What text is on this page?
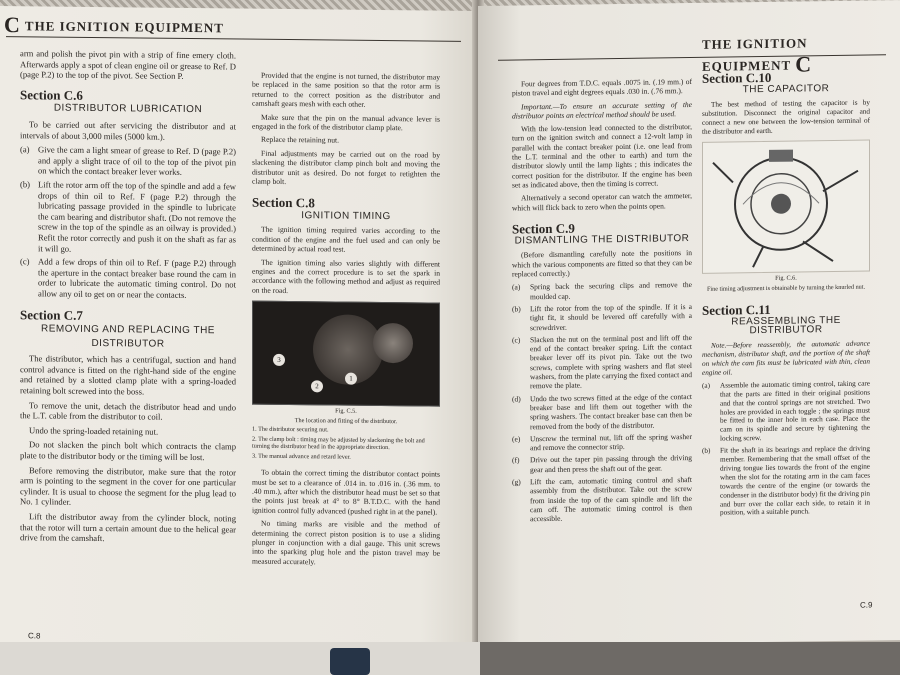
C THE IGNITION EQUIPMENT

arm and polish the pivot pin with a strip of fine emery cloth. Afterwards apply a spot of clean engine oil or grease to Ref. D (page P.2) to the top of the pivot. See Section P.

Section C.6
DISTRIBUTOR LUBRICATION

To be carried out after servicing the distributor and at intervals of about 3,000 miles (5000 km.).

(a) Give the cam a light smear of grease to Ref. D (page P.2) and apply a slight trace of oil to the top of the pivot pin on which the contact breaker lever works.
(b) Lift the rotor arm off the top of the spindle and add a few drops of thin oil to Ref. F (page P.2) through the lubricating passage provided in the spindle to lubricate the cam bearing and distributor shaft. (Do not remove the screw in the top of the spindle as an oilway is provided.) Refit the rotor correctly and push it on the shaft as far as it will go.
(c) Add a few drops of thin oil to Ref. F (page P.2) through the aperture in the contact breaker base round the cam in order to lubricate the automatic timing control. Do not allow any oil to get on or near the contacts.
Section C.7
REMOVING AND REPLACING THE
DISTRIBUTOR

The distributor, which has a centrifugal, suction and hand control advance is fitted on the right-hand side of the engine and retained by a slotted clamp plate with a spring-loaded retaining bolt screwed into the boss.

To remove the unit, detach the distributor head and undo the L.T. cable from the distributor to coil.

Undo the spring-loaded retaining nut.

Do not slacken the pinch bolt which contracts the clamp plate to the distributor body or the timing will be lost.

Before removing the distributor, make sure that the rotor arm is pointing to the segment in the cover for one particular cylinder. It is usual to choose the segment for the plug lead to No. 1 cylinder.

Lift the distributor away from the cylinder block, noting that the rotor will turn a certain amount due to the helical gear drive from the camshaft.

Provided that the engine is not turned, the distributor may be replaced in the same position so that the rotor arm is returned to the correct position as the distributor and camshaft gears mesh with each other.

Make sure that the pin on the manual advance lever is engaged in the fork of the distributor clamp plate.

Replace the retaining nut.

Final adjustments may be carried out on the road by slackening the distributor clamp pinch bolt and moving the distributor unit as desired. Do not forget to retighten the clamp bolt.

Section C.8
IGNITION TIMING

The ignition timing required varies according to the condition of the engine and the fuel used and can only be determined by actual road test.

The ignition timing also varies slightly with different engines and the correct procedure is to set the spark in accordance with the following method and adjust as required on the road.

3
2
1
Fig. C.5.
The location and fitting of the distributor.
1. The distributor securing nut.
2. The clamp bolt : timing may be adjusted by slackening the bolt and turning the distributor head in the appropriate direction.
3. The manual advance and retard lever.

To obtain the correct timing the distributor contact points must be set to a clearance of .014 in. to .016 in. (.36 mm. to .40 mm.), after which the distributor head must be set so that the points just break at 4° to 8° B.T.D.C. with the hand ignition control fully advanced (pushed right in at the panel).

No timing marks are visible and the method of determining the correct piston position is to use a sliding plunger in conjunction with a dial gauge. This unit screws into the sparking plug hole and the piston travel may be measured accurately.

C.8
THE IGNITION EQUIPMENT C

Four degrees from T.D.C. equals .0075 in. (.19 mm.) of piston travel and eight degrees equals .030 in. (.76 mm.).

Important.—To ensure an accurate setting of the distributor points an electrical method should be used.

With the low-tension lead connected to the distributor, turn on the ignition switch and connect a 12-volt lamp in parallel with the contact breaker point (i.e. one lead from the L.T. terminal and the other to earth) and turn the distributor slowly until the lamp lights ; this indicates the correct position for the distributor. If the engine has been set as indicated above, then the timing is correct.

Alternatively a second operator can watch the ammeter, which will flick back to zero when the points open.

Section C.9
DISMANTLING THE DISTRIBUTOR

(Before dismantling carefully note the positions in which the various components are fitted so that they can be replaced correctly.)

(a)	Spring back the securing clips and remove the moulded cap.
(b)	Lift the rotor from the top of the spindle. If it is a tight fit, it should be levered off carefully with a screwdriver.
(c)	Slacken the nut on the terminal post and lift off the end of the contact breaker spring. Lift the contact breaker lever off its pivot pin. Take out the two screws, complete with spring washers and flat steel washers, from the plate carrying the fixed contact and remove the plate.
(d)	Undo the two screws fitted at the edge of the contact breaker base and lift them out together with the spring washers. The contact breaker base can then be removed from the body of the distributor.
(e)	Unscrew the terminal nut, lift off the spring washer and remove the connector strip.
(f)	Drive out the taper pin passing through the driving gear and then press the shaft out of the gear.
(g)	Lift the cam, automatic timing control and shaft assembly from the distributor. Take out the screw from inside the top of the cam spindle and lift the cam off. The automatic timing control is then accessible.
Section C.10
THE CAPACITOR

The best method of testing the capacitor is by substitution. Disconnect the original capacitor and connect a new one between the low-tension terminal of the distributor and earth.

Fig. C.6.
Fine timing adjustment is obtainable by turning the knurled nut.
Section C.11
REASSEMBLING THE DISTRIBUTOR

Note.—Before reassembly, the automatic advance mechanism, distributor shaft, and the portion of the shaft on which the cam fits must be lubricated with thin, clean engine oil.

(a)	Assemble the automatic timing control, taking care that the parts are fitted in their original positions and that the control springs are not stretched. Two holes are provided in each toggle ; the springs must be fitted to the inner hole in each case. Place the cam on its spindle and secure by tightening the locking screw.
(b)	Fit the shaft in its bearings and replace the driving member. Remembering that the small offset of the driving tongue lies towards the front of the engine when the slot for the rotating arm in the cam faces towards the centre of the engine (or towards the condenser in the distributor body) fit the driving pin and burr over the collar each side, to retain it in position, with a suitable punch.
C.9
